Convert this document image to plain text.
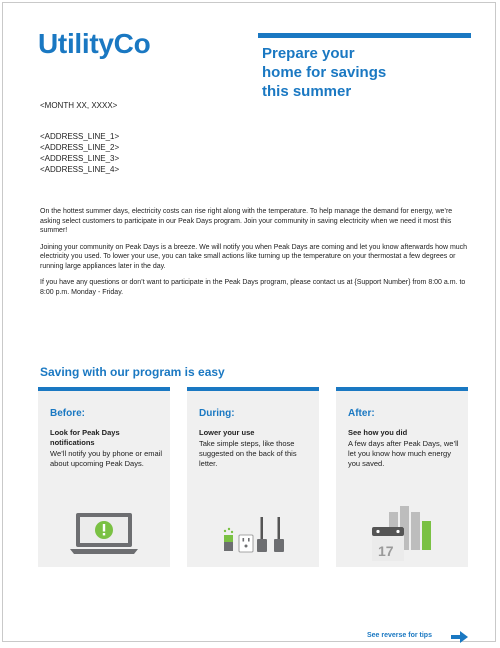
UtilityCo	Prepare your
home for savings
this summer
<MONTH XX, XXXX>
<ADDRESS_LINE_1>
<ADDRESS_LINE_2>
<ADDRESS_LINE_3>
<ADDRESS_LINE_4>

On the hottest summer days, electricity costs can rise right along with the temperature. To help manage the demand for energy, we’re asking select customers to participate in our Peak Days program. Join your community in saving electricity when we need it most this summer!

Joining your community on Peak Days is a breeze. We will notify you when Peak Days are coming and let you know afterwards how much electricity you used. To lower your use, you can take small actions like turning up the temperature on your thermostat a few degrees or running large appliances later in the day.

If you have any questions or don’t want to participate in the Peak Days program, please contact us at {Support Number} from 8:00 a.m. to 8:00 p.m. Monday - Friday.

Saving with our program is easy
Before:
Look for Peak Days notifications
We’ll notify you by phone or email about upcoming Peak Days.
During:
Lower your use
Take simple steps, like those suggested on the back of this letter.
After:
See how you did
A few days after Peak Days, we’ll let you know how much energy you saved.
17
See reverse for tips
